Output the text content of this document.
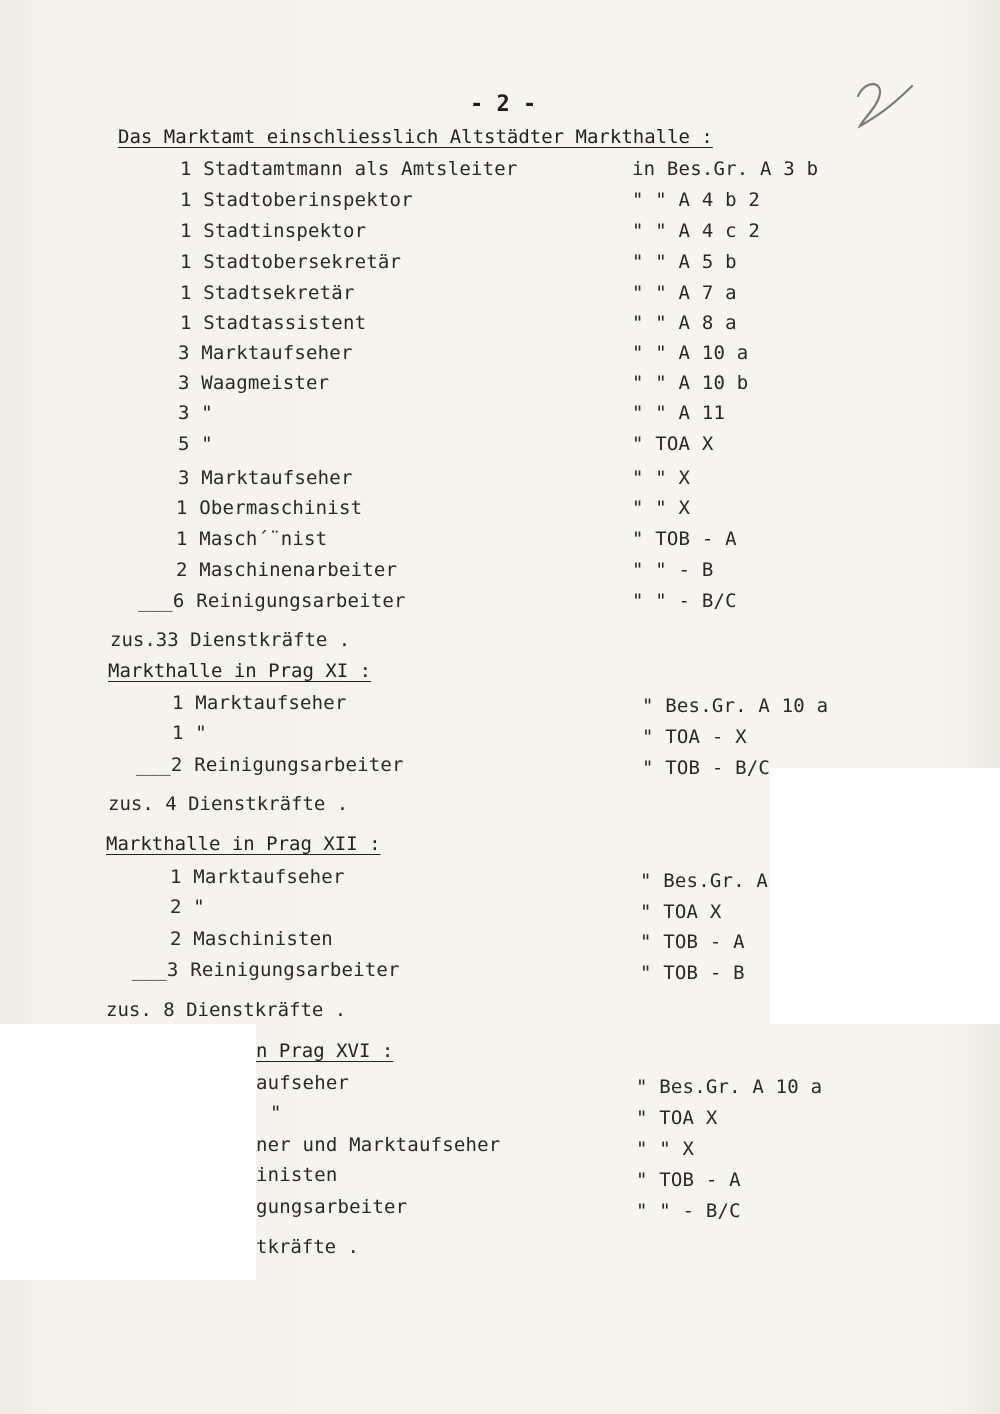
- 2 -
Das Marktamt einschliesslich Altstädter Markthalle :
1 Stadtamtmann als Amtsleiter	in Bes.Gr. A 3 b
1 Stadtoberinspektor	" " A 4 b 2
1 Stadtinspektor	" " A 4 c 2
1 Stadtobersekretär	" " A 5 b
1 Stadtsekretär	" " A 7 a
1 Stadtassistent	" " A 8 a
3 Marktaufseher	" " A 10 a
3 Waagmeister	" " A 10 b
3 "	" " A 11
5 "	" TOA X
3 Marktaufseher	" " X
1 Obermaschinist	" " X
1 Masch´¨nist	" TOB - A
2 Maschinenarbeiter	" " - B
___6 Reinigungsarbeiter	" " - B/C
zus.33 Dienstkräfte .
Markthalle in Prag XI :
1 Marktaufseher	" Bes.Gr. A 10 a
1 "	" TOA - X
___2 Reinigungsarbeiter	" TOB - B/C
zus. 4 Dienstkräfte .
Markthalle in Prag XII :
1 Marktaufseher	" Bes.Gr. A
2 "	" TOA X
2 Maschinisten	" TOB - A
___3 Reinigungsarbeiter	" TOB - B
zus. 8 Dienstkräfte .
n Prag XVI :
aufseher	" Bes.Gr. A 10 a
"	" TOA X
ner und Marktaufseher	" " X
inisten	" TOB - A
gungsarbeiter	" " - B/C
tkräfte .
